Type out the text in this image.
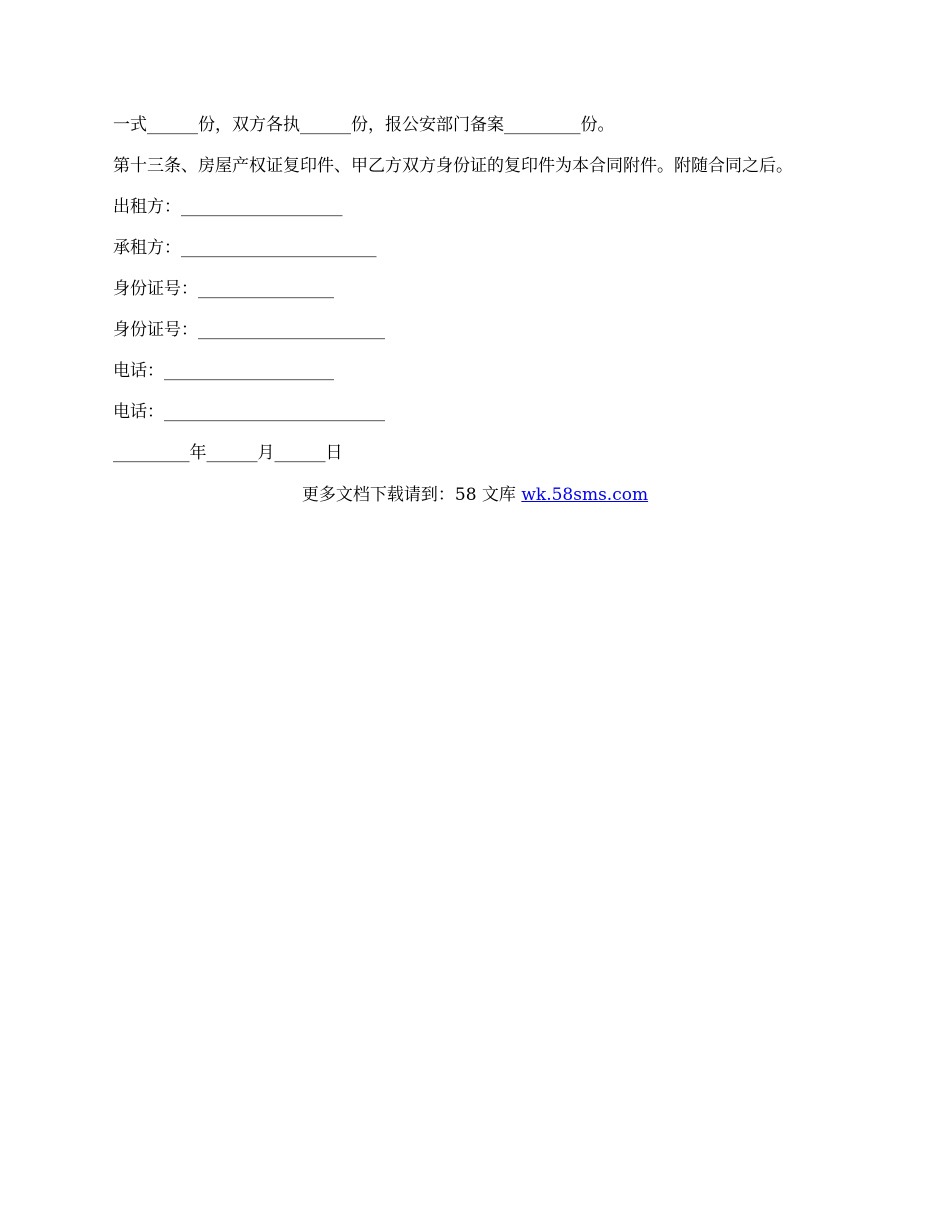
一式______份，双方各执______份，报公安部门备案_________份。
第十三条、房屋产权证复印件、甲乙方双方身份证的复印件为本合同附件。附随合同之后。
出租方：___________________
承租方：_______________________
身份证号：________________
身份证号：______________________
电话：____________________
电话：__________________________
_________年______月______日
更多文档下载请到：58 文库 wk.58sms.com
